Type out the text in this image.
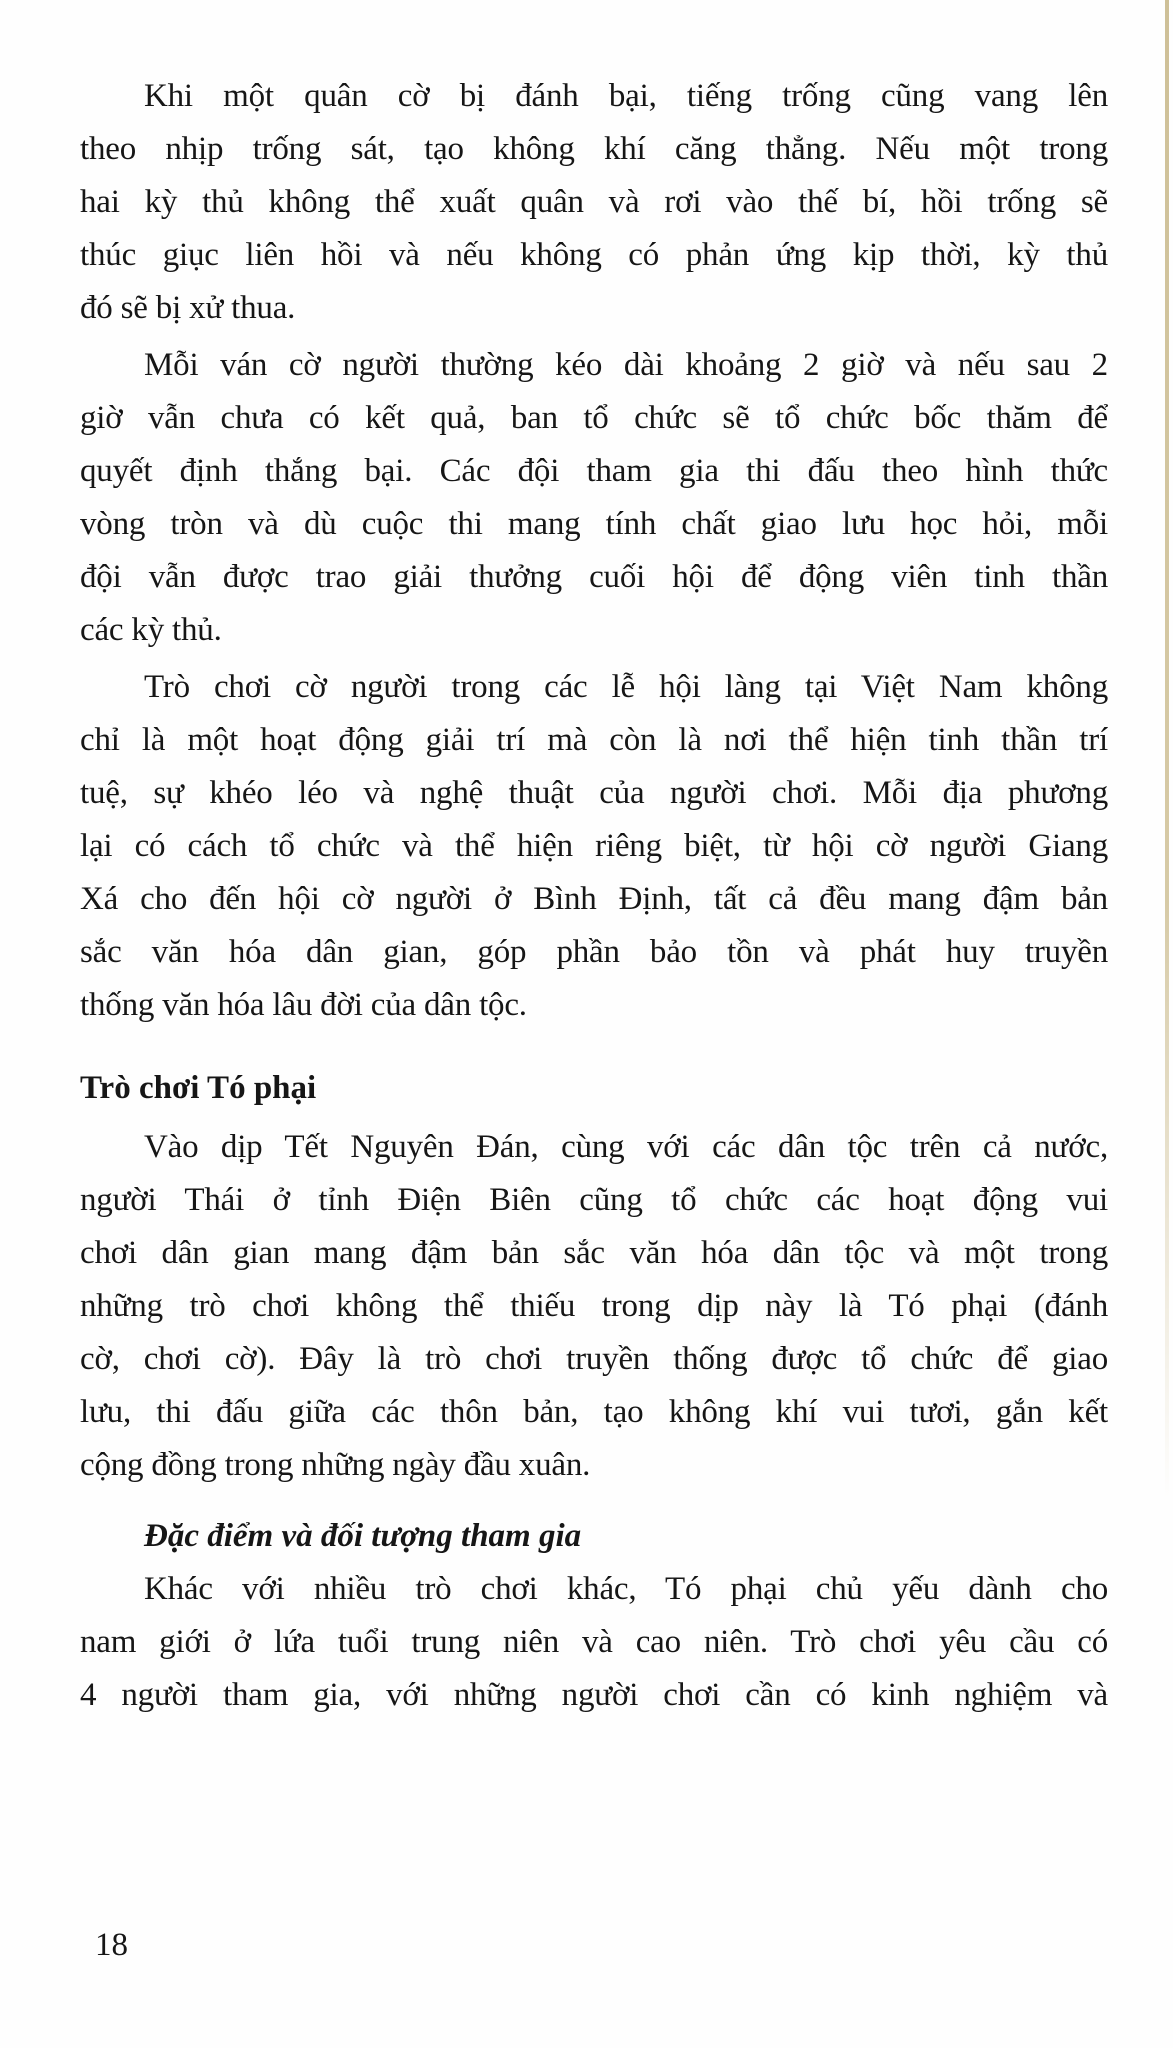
Khi một quân cờ bị đánh bại, tiếng trống cũng vang lên
theo nhịp trống sát, tạo không khí căng thẳng. Nếu một trong
hai kỳ thủ không thể xuất quân và rơi vào thế bí, hồi trống sẽ
thúc giục liên hồi và nếu không có phản ứng kịp thời, kỳ thủ
đó sẽ bị xử thua.
Mỗi ván cờ người thường kéo dài khoảng 2 giờ và nếu sau 2
giờ vẫn chưa có kết quả, ban tổ chức sẽ tổ chức bốc thăm để
quyết định thắng bại. Các đội tham gia thi đấu theo hình thức
vòng tròn và dù cuộc thi mang tính chất giao lưu học hỏi, mỗi
đội vẫn được trao giải thưởng cuối hội để động viên tinh thần
các kỳ thủ.
Trò chơi cờ người trong các lễ hội làng tại Việt Nam không
chỉ là một hoạt động giải trí mà còn là nơi thể hiện tinh thần trí
tuệ, sự khéo léo và nghệ thuật của người chơi. Mỗi địa phương
lại có cách tổ chức và thể hiện riêng biệt, từ hội cờ người Giang
Xá cho đến hội cờ người ở Bình Định, tất cả đều mang đậm bản
sắc văn hóa dân gian, góp phần bảo tồn và phát huy truyền
thống văn hóa lâu đời của dân tộc.
Trò chơi Tó phại
Vào dịp Tết Nguyên Đán, cùng với các dân tộc trên cả nước,
người Thái ở tỉnh Điện Biên cũng tổ chức các hoạt động vui
chơi dân gian mang đậm bản sắc văn hóa dân tộc và một trong
những trò chơi không thể thiếu trong dịp này là Tó phại (đánh
cờ, chơi cờ). Đây là trò chơi truyền thống được tổ chức để giao
lưu, thi đấu giữa các thôn bản, tạo không khí vui tươi, gắn kết
cộng đồng trong những ngày đầu xuân.
Đặc điểm và đối tượng tham gia
Khác với nhiều trò chơi khác, Tó phại chủ yếu dành cho
nam giới ở lứa tuổi trung niên và cao niên. Trò chơi yêu cầu có
4 người tham gia, với những người chơi cần có kinh nghiệm và
18
